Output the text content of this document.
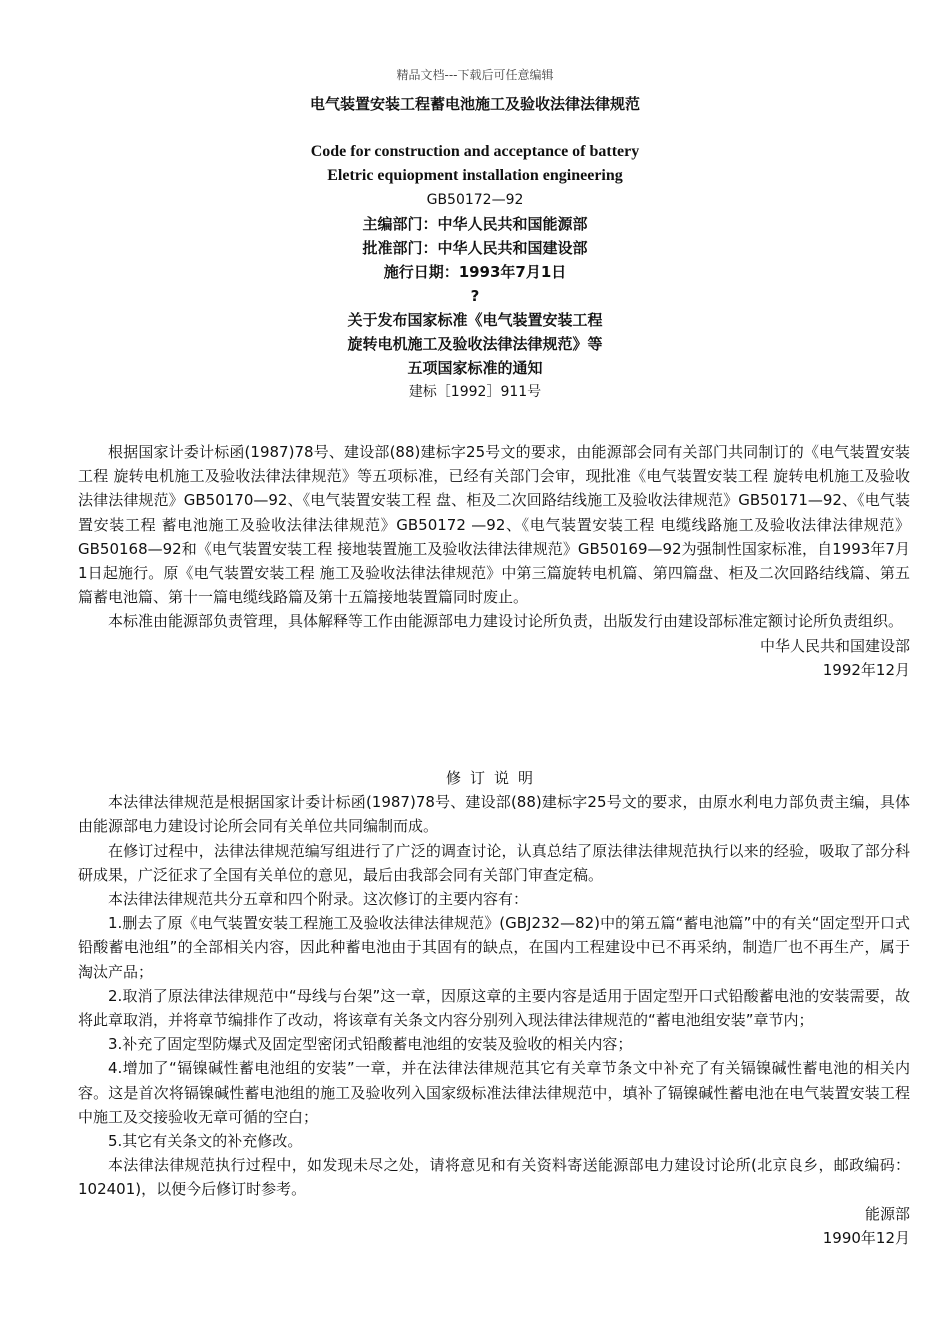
精品文档---下载后可任意编辑
电气装置安装工程蓄电池施工及验收法律法律规范
Code for construction and acceptance of battery
Eletric equiopment installation engineering
GB50172—92
主编部门：中华人民共和国能源部
批准部门：中华人民共和国建设部
施行日期：1993年7月1日
?
关于发布国家标准《电气装置安装工程
旋转电机施工及验收法律法律规范》等
五项国家标准的通知
建标［1992］911号

根据国家计委计标函(1987)78号、建设部(88)建标字25号文的要求，由能源部会同有关部门共同制订的《电气装置安装工程 旋转电机施工及验收法律法律规范》等五项标准，已经有关部门会审，现批准《电气装置安装工程 旋转电机施工及验收法律法律规范》GB50170—92、《电气装置安装工程 盘、柜及二次回路结线施工及验收法律规范》GB50171—92、《电气装置安装工程 蓄电池施工及验收法律法律规范》GB50172 —92、《电气装置安装工程 电缆线路施工及验收法律法律规范》GB50168—92和《电气装置安装工程 接地装置施工及验收法律法律规范》GB50169—92为强制性国家标准，自1993年7月1日起施行。原《电气装置安装工程 施工及验收法律法律规范》中第三篇旋转电机篇、第四篇盘、柜及二次回路结线篇、第五篇蓄电池篇、第十一篇电缆线路篇及第十五篇接地装置篇同时废止。

本标准由能源部负责管理，具体解释等工作由能源部电力建设讨论所负责，出版发行由建设部标准定额讨论所负责组织。

中华人民共和国建设部
1992年12月
修订说明

本法律法律规范是根据国家计委计标函(1987)78号、建设部(88)建标字25号文的要求，由原水利电力部负责主编，具体由能源部电力建设讨论所会同有关单位共同编制而成。

在修订过程中，法律法律规范编写组进行了广泛的调查讨论，认真总结了原法律法律规范执行以来的经验，吸取了部分科研成果，广泛征求了全国有关单位的意见，最后由我部会同有关部门审查定稿。

本法律法律规范共分五章和四个附录。这次修订的主要内容有：

1.删去了原《电气装置安装工程施工及验收法律法律规范》(GBJ232—82)中的第五篇“蓄电池篇”中的有关“固定型开口式铅酸蓄电池组”的全部相关内容，因此种蓄电池由于其固有的缺点，在国内工程建设中已不再采纳，制造厂也不再生产，属于淘汰产品；

2.取消了原法律法律规范中“母线与台架”这一章，因原这章的主要内容是适用于固定型开口式铅酸蓄电池的安装需要，故将此章取消，并将章节编排作了改动，将该章有关条文内容分别列入现法律法律规范的“蓄电池组安装”章节内；

3.补充了固定型防爆式及固定型密闭式铅酸蓄电池组的安装及验收的相关内容；

4.增加了“镉镍碱性蓄电池组的安装”一章，并在法律法律规范其它有关章节条文中补充了有关镉镍碱性蓄电池的相关内容。这是首次将镉镍碱性蓄电池组的施工及验收列入国家级标准法律法律规范中，填补了镉镍碱性蓄电池在电气装置安装工程中施工及交接验收无章可循的空白；

5.其它有关条文的补充修改。

本法律法律规范执行过程中，如发现未尽之处，请将意见和有关资料寄送能源部电力建设讨论所(北京良乡，邮政编码：102401)，以便今后修订时参考。

能源部
1990年12月
